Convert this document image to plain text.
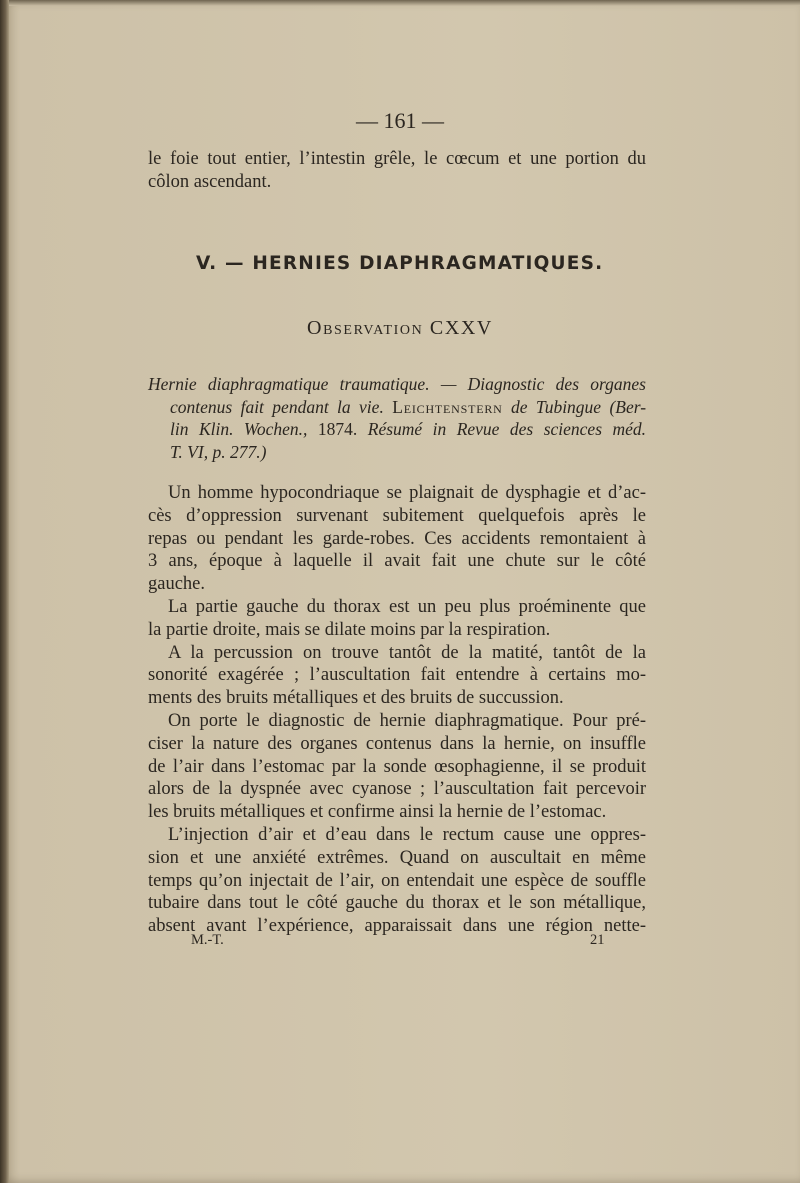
— 161 —
le foie tout entier, l’intestin grêle, le cœcum et une portion du
côlon ascendant.
V. — HERNIES DIAPHRAGMATIQUES.
Observation CXXV
Hernie diaphragmatique traumatique. — Diagnostic des organes
contenus fait pendant la vie. Leichtenstern de Tubingue (Ber-
lin Klin. Wochen., 1874. Résumé in Revue des sciences méd.
T. VI, p. 277.)
Un homme hypocondriaque se plaignait de dysphagie et d’ac-
cès d’oppression survenant subitement quelquefois après le
repas ou pendant les garde-robes. Ces accidents remontaient à
3 ans, époque à laquelle il avait fait une chute sur le côté
gauche.
La partie gauche du thorax est un peu plus proéminente que
la partie droite, mais se dilate moins par la respiration.
A la percussion on trouve tantôt de la matité, tantôt de la
sonorité exagérée ; l’auscultation fait entendre à certains mo-
ments des bruits métalliques et des bruits de succussion.
On porte le diagnostic de hernie diaphragmatique. Pour pré-
ciser la nature des organes contenus dans la hernie, on insuffle
de l’air dans l’estomac par la sonde œsophagienne, il se produit
alors de la dyspnée avec cyanose ; l’auscultation fait percevoir
les bruits métalliques et confirme ainsi la hernie de l’estomac.
L’injection d’air et d’eau dans le rectum cause une oppres-
sion et une anxiété extrêmes. Quand on auscultait en même
temps qu’on injectait de l’air, on entendait une espèce de souffle
tubaire dans tout le côté gauche du thorax et le son métallique,
absent avant l’expérience, apparaissait dans une région nette-
M.-T.	21
